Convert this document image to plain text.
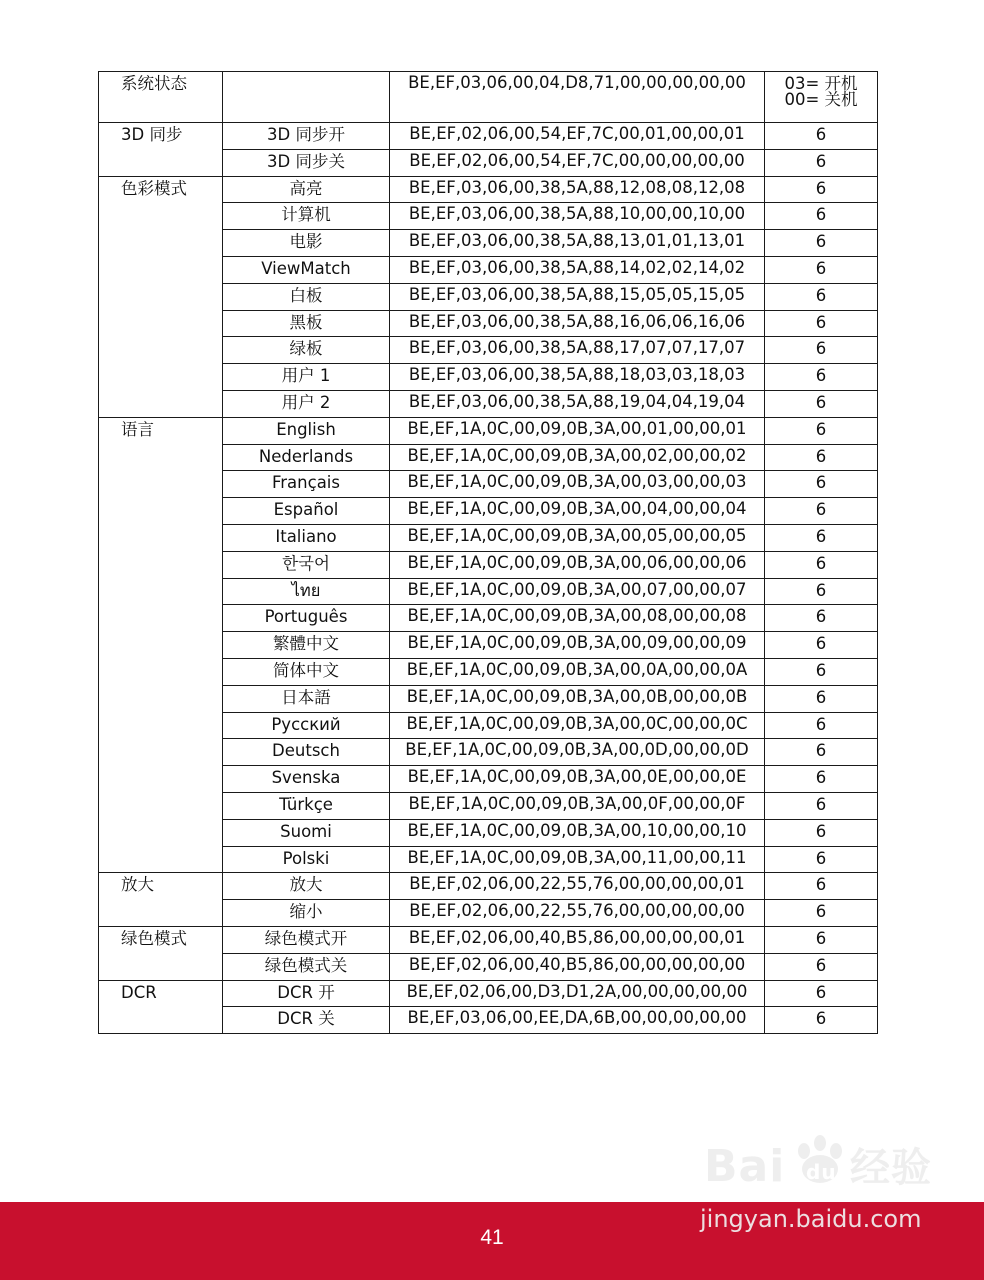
系统状态		BE,EF,03,06,00,04,D8,71,00,00,00,00,00	03= 开机
00= 关机

3D 同步	3D 同步开	BE,EF,02,06,00,54,EF,7C,00,01,00,00,01	6
	3D 同步关	BE,EF,02,06,00,54,EF,7C,00,00,00,00,00	6
色彩模式	高亮	BE,EF,03,06,00,38,5A,88,12,08,08,12,08	6
	计算机	BE,EF,03,06,00,38,5A,88,10,00,00,10,00	6
	电影	BE,EF,03,06,00,38,5A,88,13,01,01,13,01	6
	ViewMatch	BE,EF,03,06,00,38,5A,88,14,02,02,14,02	6
	白板	BE,EF,03,06,00,38,5A,88,15,05,05,15,05	6
	黑板	BE,EF,03,06,00,38,5A,88,16,06,06,16,06	6
	绿板	BE,EF,03,06,00,38,5A,88,17,07,07,17,07	6
	用户 1	BE,EF,03,06,00,38,5A,88,18,03,03,18,03	6
	用户 2	BE,EF,03,06,00,38,5A,88,19,04,04,19,04	6
语言	English	BE,EF,1A,0C,00,09,0B,3A,00,01,00,00,01	6
	Nederlands	BE,EF,1A,0C,00,09,0B,3A,00,02,00,00,02	6
	Français	BE,EF,1A,0C,00,09,0B,3A,00,03,00,00,03	6
	Español	BE,EF,1A,0C,00,09,0B,3A,00,04,00,00,04	6
	Italiano	BE,EF,1A,0C,00,09,0B,3A,00,05,00,00,05	6
	한국어	BE,EF,1A,0C,00,09,0B,3A,00,06,00,00,06	6
	ไทย	BE,EF,1A,0C,00,09,0B,3A,00,07,00,00,07	6
	Português	BE,EF,1A,0C,00,09,0B,3A,00,08,00,00,08	6
	繁體中文	BE,EF,1A,0C,00,09,0B,3A,00,09,00,00,09	6
	简体中文	BE,EF,1A,0C,00,09,0B,3A,00,0A,00,00,0A	6
	日本語	BE,EF,1A,0C,00,09,0B,3A,00,0B,00,00,0B	6
	Русский	BE,EF,1A,0C,00,09,0B,3A,00,0C,00,00,0C	6
	Deutsch	BE,EF,1A,0C,00,09,0B,3A,00,0D,00,00,0D	6
	Svenska	BE,EF,1A,0C,00,09,0B,3A,00,0E,00,00,0E	6
	Türkçe	BE,EF,1A,0C,00,09,0B,3A,00,0F,00,00,0F	6
	Suomi	BE,EF,1A,0C,00,09,0B,3A,00,10,00,00,10	6
	Polski	BE,EF,1A,0C,00,09,0B,3A,00,11,00,00,11	6
放大	放大	BE,EF,02,06,00,22,55,76,00,00,00,00,01	6
	缩小	BE,EF,02,06,00,22,55,76,00,00,00,00,00	6
绿色模式	绿色模式开	BE,EF,02,06,00,40,B5,86,00,00,00,00,01	6
	绿色模式关	BE,EF,02,06,00,40,B5,86,00,00,00,00,00	6
DCR	DCR 开	BE,EF,02,06,00,D3,D1,2A,00,00,00,00,00	6
	DCR 关	BE,EF,03,06,00,EE,DA,6B,00,00,00,00,00	6
Bai du 经验
jingyan.baidu.com
41
